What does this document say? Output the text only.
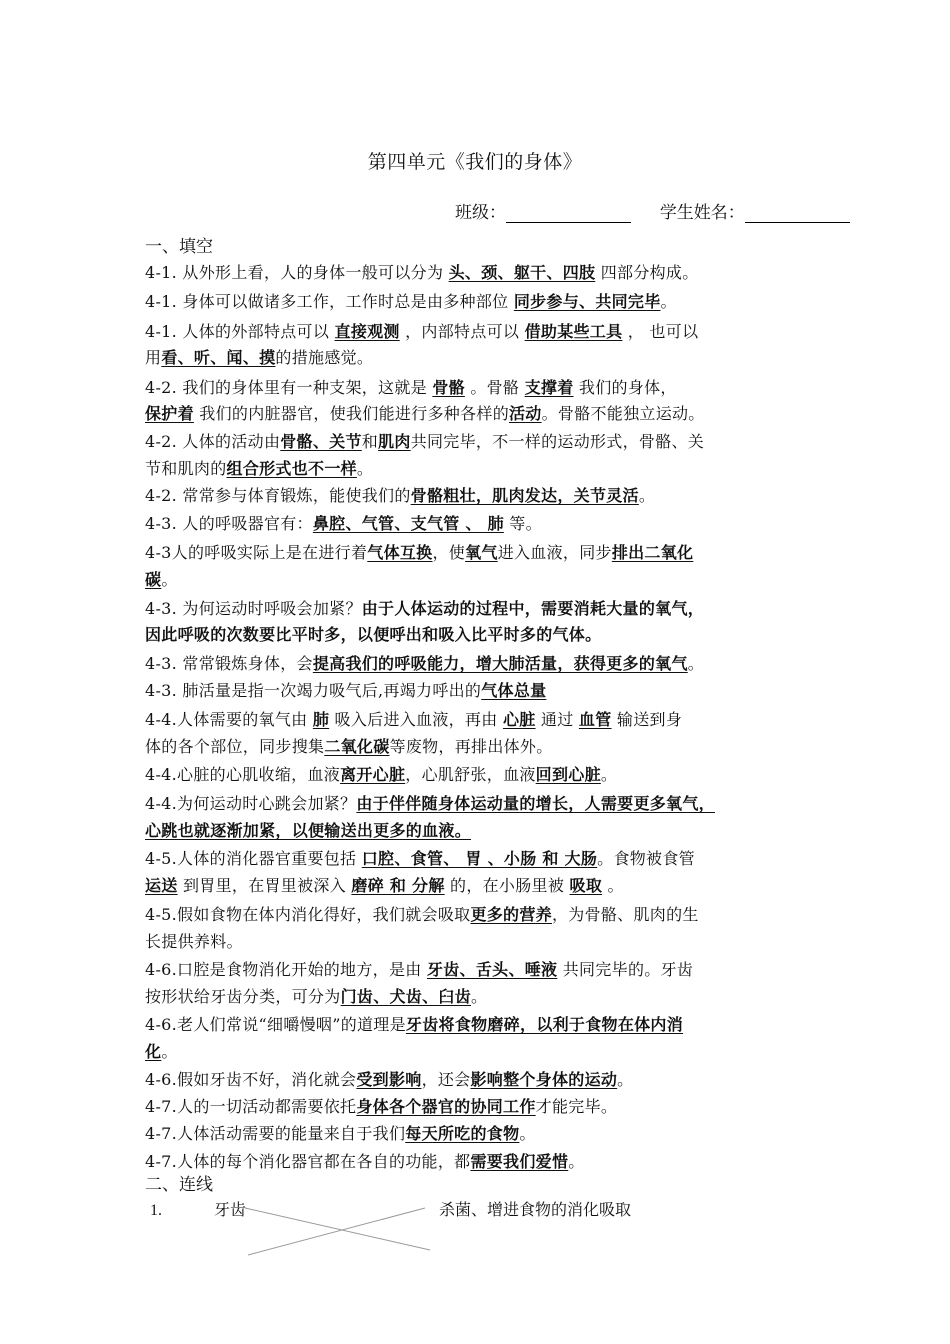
第四单元《我们的身体》
班级：	学生姓名：
一、填空
4-1. 从外形上看，人的身体一般可以分为 头、颈、躯干、四肢 四部分构成。
4-1. 身体可以做诸多工作，工作时总是由多种部位 同步参与、共同完毕。
4-1. 人体的外部特点可以 直接观测 ，内部特点可以 借助某些工具 ， 也可以
用看、听、闻、摸的措施感觉。
4-2. 我们的身体里有一种支架，这就是 骨骼 。骨骼 支撑着 我们的身体，
保护着 我们的内脏器官，使我们能进行多种各样的活动。骨骼不能独立运动。
4-2. 人体的活动由骨骼、关节和肌肉共同完毕，不一样的运动形式，骨骼、关
节和肌肉的组合形式也不一样。
4-2. 常常参与体育锻炼，能使我们的骨骼粗壮，肌肉发达，关节灵活。
4-3. 人的呼吸器官有：鼻腔、气管、支气管 、 肺 等。
4-3人的呼吸实际上是在进行着气体互换，使氧气进入血液，同步排出二氧化
碳。
4-3. 为何运动时呼吸会加紧？由于人体运动的过程中，需要消耗大量的氧气，
因此呼吸的次数要比平时多，以便呼出和吸入比平时多的气体。
4-3. 常常锻炼身体，会提高我们的呼吸能力，增大肺活量，获得更多的氧气。
4-3. 肺活量是指一次竭力吸气后,再竭力呼出的气体总量
4-4.人体需要的氧气由 肺 吸入后进入血液，再由 心脏 通过 血管 输送到身
体的各个部位，同步搜集二氧化碳等废物，再排出体外。
4-4.心脏的心肌收缩，血液离开心脏，心肌舒张，血液回到心脏。
4-4.为何运动时心跳会加紧？由于伴伴随身体运动量的增长，人需要更多氧气，
心跳也就逐渐加紧，以便输送出更多的血液。
4-5.人体的消化器官重要包括 口腔、食管、 胃 、小肠 和 大肠。食物被食管
运送 到胃里，在胃里被深入 磨碎 和 分解 的，在小肠里被 吸取 。
4-5.假如食物在体内消化得好，我们就会吸取更多的营养，为骨骼、肌肉的生
长提供养料。
4-6.口腔是食物消化开始的地方，是由 牙齿、舌头、唾液 共同完毕的。牙齿
按形状给牙齿分类，可分为门齿、犬齿、臼齿。
4-6.老人们常说“细嚼慢咽”的道理是牙齿将食物磨碎，以利于食物在体内消
化。
4-6.假如牙齿不好，消化就会受到影响，还会影响整个身体的运动。
4-7.人的一切活动都需要依托身体各个器官的协同工作才能完毕。
4-7.人体活动需要的能量来自于我们每天所吃的食物。
4-7.人体的每个消化器官都在各自的功能，都需要我们爱惜。
二、连线
1.	牙齿	杀菌、增进食物的消化吸取
